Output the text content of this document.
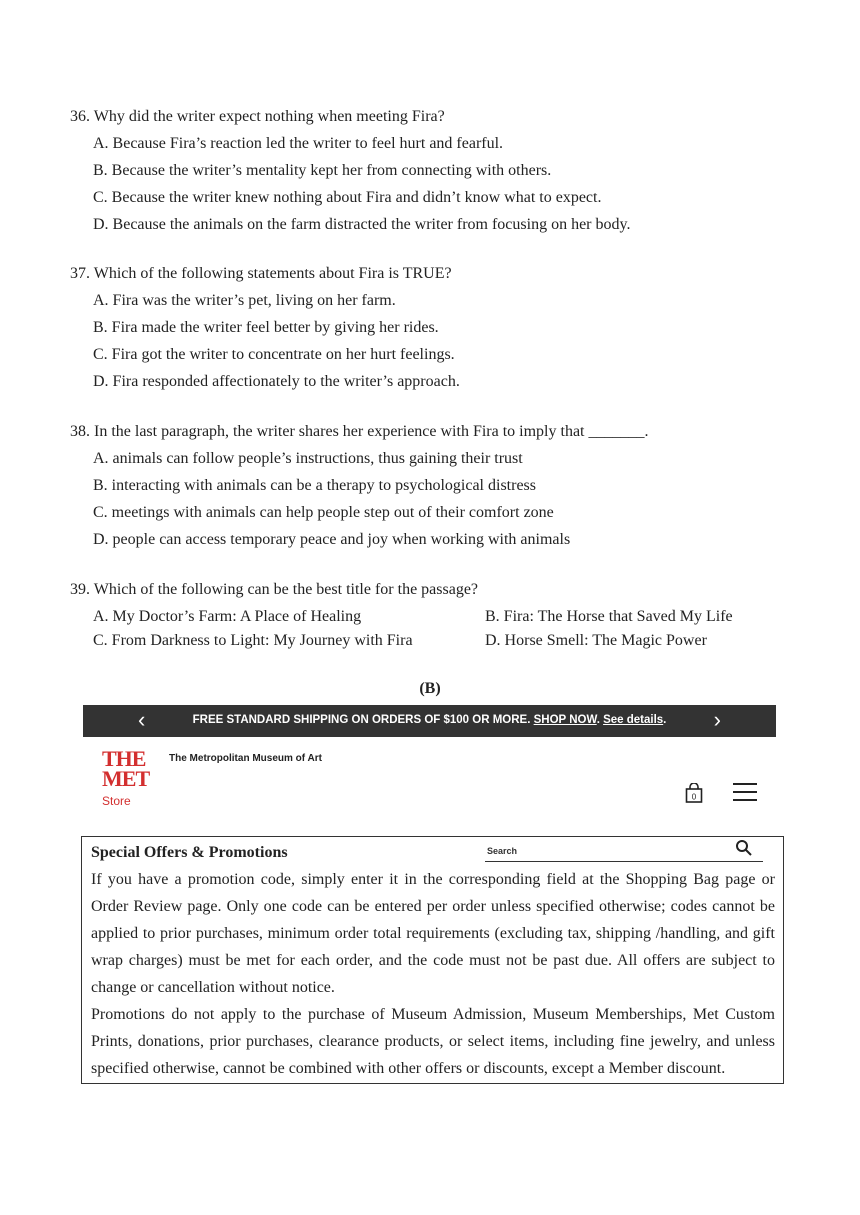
36. Why did the writer expect nothing when meeting Fira?
A. Because Fira’s reaction led the writer to feel hurt and fearful.
B. Because the writer’s mentality kept her from connecting with others.
C. Because the writer knew nothing about Fira and didn’t know what to expect.
D. Because the animals on the farm distracted the writer from focusing on her body.
37. Which of the following statements about Fira is TRUE?
A. Fira was the writer’s pet, living on her farm.
B. Fira made the writer feel better by giving her rides.
C. Fira got the writer to concentrate on her hurt feelings.
D. Fira responded affectionately to the writer’s approach.
38. In the last paragraph, the writer shares her experience with Fira to imply that _______.
A. animals can follow people’s instructions, thus gaining their trust
B. interacting with animals can be a therapy to psychological distress
C. meetings with animals can help people step out of their comfort zone
D. people can access temporary peace and joy when working with animals
39. Which of the following can be the best title for the passage?
A. My Doctor’s Farm: A Place of Healing	B. Fira: The Horse that Saved My Life
C. From Darkness to Light: My Journey with Fira	D. Horse Smell: The Magic Power
(B)
‹	FREE STANDARD SHIPPING ON ORDERS OF $100 OR MORE. SHOP NOW. See details.	›
THE
MET
Store
The Metropolitan Museum of Art
0
Search
Special Offers & Promotions

If you have a promotion code, simply enter it in the corresponding field at the Shopping Bag page or Order Review page. Only one code can be entered per order unless specified otherwise; codes cannot be applied to prior purchases, minimum order total requirements (excluding tax, shipping /handling, and gift wrap charges) must be met for each order, and the code must not be past due. All offers are subject to change or cancellation without notice.

Promotions do not apply to the purchase of Museum Admission, Museum Memberships, Met Custom Prints, donations, prior purchases, clearance products, or select items, including fine jewelry, and unless specified otherwise, cannot be combined with other offers or discounts, except a Member discount.
